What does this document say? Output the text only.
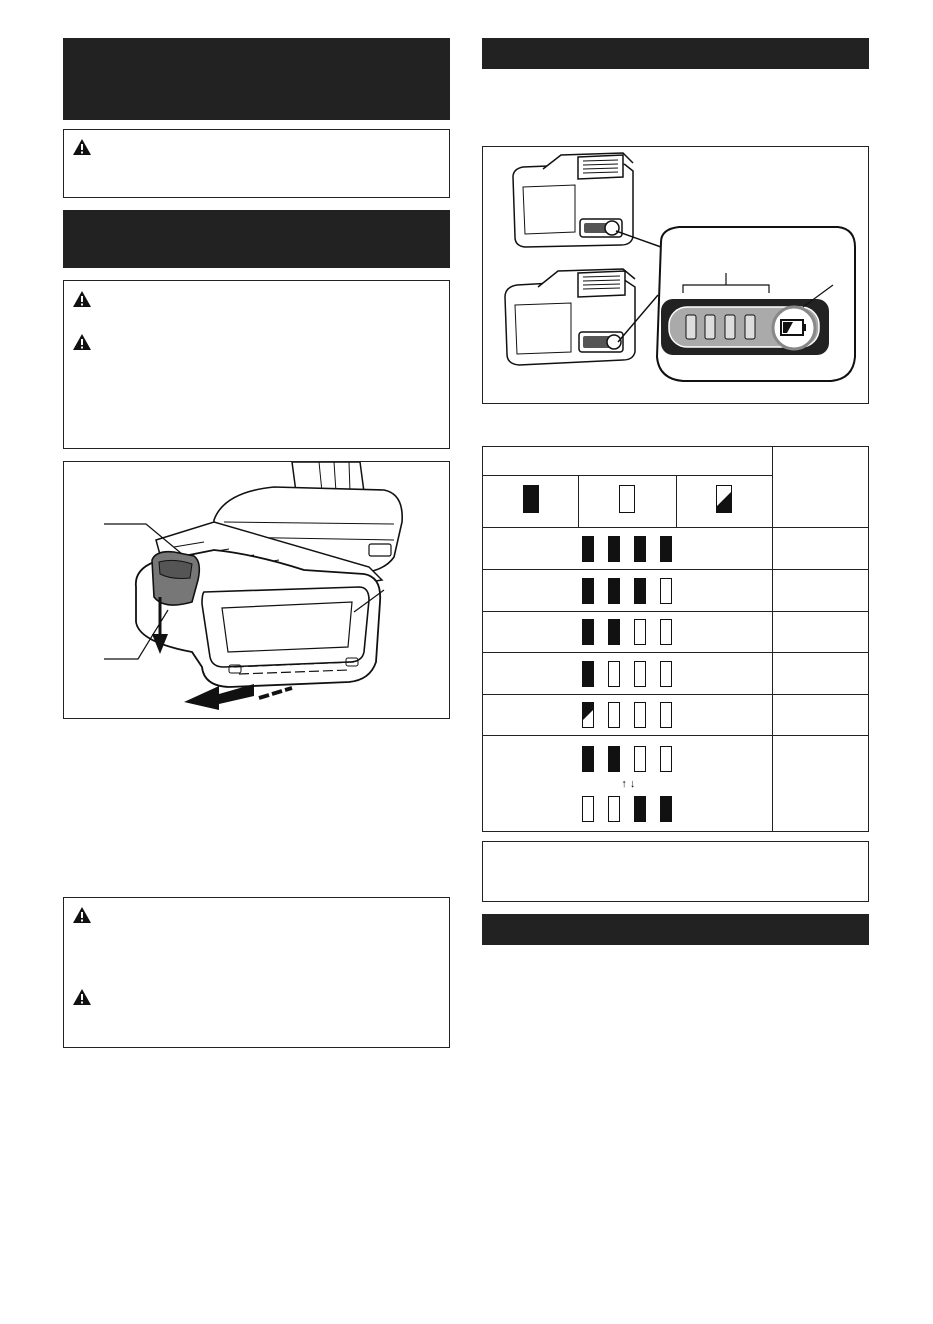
↑ ↓			
